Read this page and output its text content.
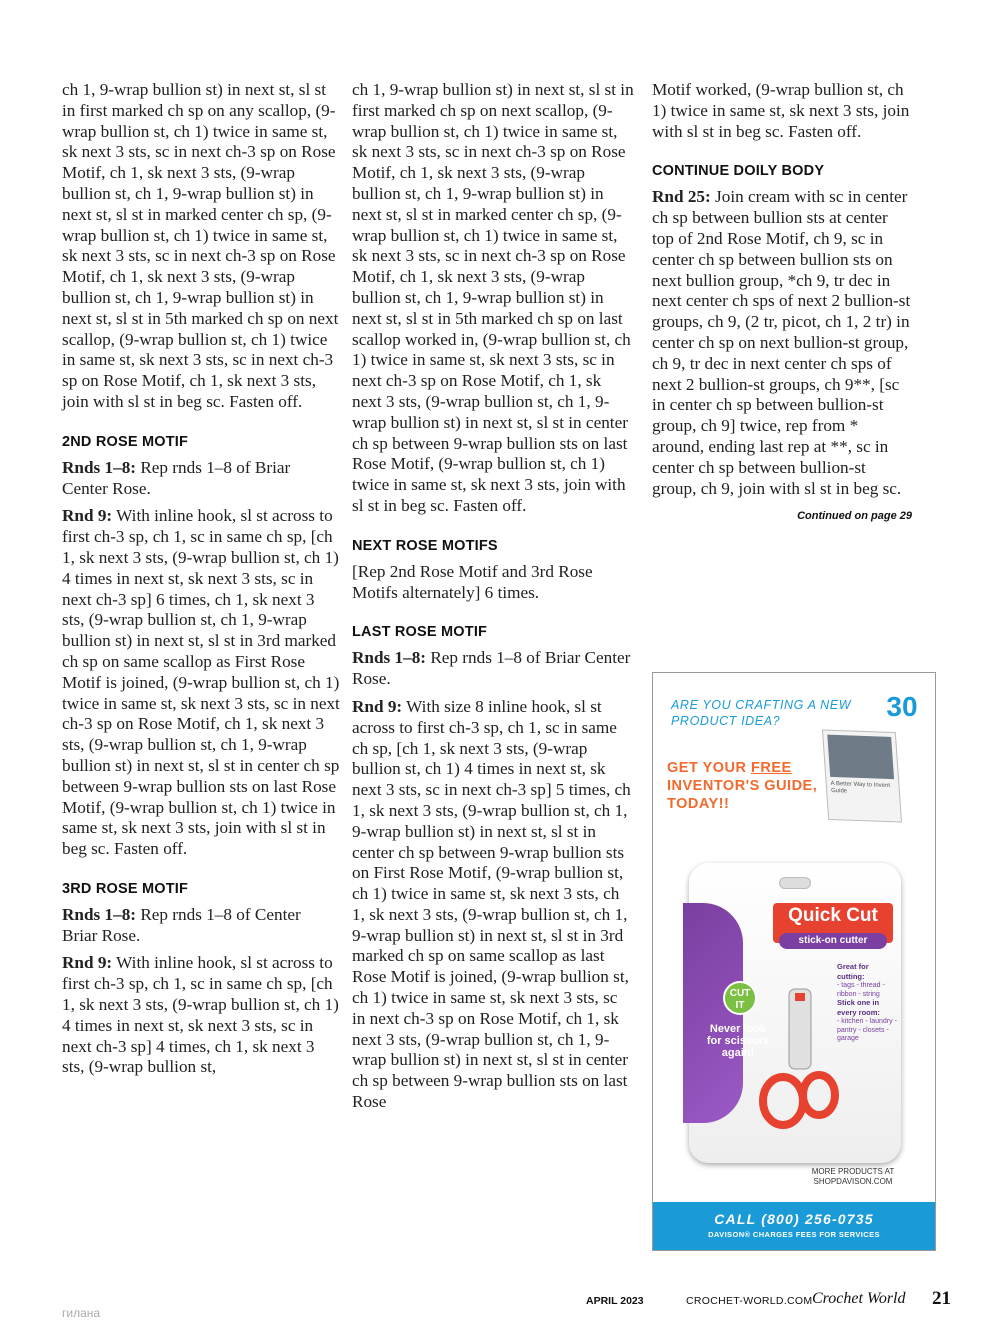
ch 1, 9-wrap bullion st) in next st, sl st in first marked ch sp on any scallop, (9-wrap bullion st, ch 1) twice in same st, sk next 3 sts, sc in next ch-3 sp on Rose Motif, ch 1, sk next 3 sts, (9-wrap bullion st, ch 1, 9-wrap bullion st) in next st, sl st in marked center ch sp, (9-wrap bullion st, ch 1) twice in same st, sk next 3 sts, sc in next ch-3 sp on Rose Motif, ch 1, sk next 3 sts, (9-wrap bullion st, ch 1, 9-wrap bullion st) in next st, sl st in 5th marked ch sp on next scallop, (9-wrap bullion st, ch 1) twice in same st, sk next 3 sts, sc in next ch-3 sp on Rose Motif, ch 1, sk next 3 sts, join with sl st in beg sc. Fasten off.

2ND ROSE MOTIF

Rnds 1–8: Rep rnds 1–8 of Briar Center Rose.

Rnd 9: With inline hook, sl st across to first ch-3 sp, ch 1, sc in same ch sp, [ch 1, sk next 3 sts, (9-wrap bullion st, ch 1) 4 times in next st, sk next 3 sts, sc in next ch-3 sp] 6 times, ch 1, sk next 3 sts, (9-wrap bullion st, ch 1, 9-wrap bullion st) in next st, sl st in 3rd marked ch sp on same scallop as First Rose Motif is joined, (9-wrap bullion st, ch 1) twice in same st, sk next 3 sts, sc in next ch-3 sp on Rose Motif, ch 1, sk next 3 sts, (9-wrap bullion st, ch 1, 9-wrap bullion st) in next st, sl st in center ch sp between 9-wrap bullion sts on last Rose Motif, (9-wrap bullion st, ch 1) twice in same st, sk next 3 sts, join with sl st in beg sc. Fasten off.

3RD ROSE MOTIF

Rnds 1–8: Rep rnds 1–8 of Center Briar Rose.

Rnd 9: With inline hook, sl st across to first ch-3 sp, ch 1, sc in same ch sp, [ch 1, sk next 3 sts, (9-wrap bullion st, ch 1) 4 times in next st, sk next 3 sts, sc in next ch-3 sp] 4 times, ch 1, sk next 3 sts, (9-wrap bullion st,

ch 1, 9-wrap bullion st) in next st, sl st in first marked ch sp on next scallop, (9-wrap bullion st, ch 1) twice in same st, sk next 3 sts, sc in next ch-3 sp on Rose Motif, ch 1, sk next 3 sts, (9-wrap bullion st, ch 1, 9-wrap bullion st) in next st, sl st in marked center ch sp, (9-wrap bullion st, ch 1) twice in same st, sk next 3 sts, sc in next ch-3 sp on Rose Motif, ch 1, sk next 3 sts, (9-wrap bullion st, ch 1, 9-wrap bullion st) in next st, sl st in 5th marked ch sp on last scallop worked in, (9-wrap bullion st, ch 1) twice in same st, sk next 3 sts, sc in next ch-3 sp on Rose Motif, ch 1, sk next 3 sts, (9-wrap bullion st, ch 1, 9-wrap bullion st) in next st, sl st in center ch sp between 9-wrap bullion sts on last Rose Motif, (9-wrap bullion st, ch 1) twice in same st, sk next 3 sts, join with sl st in beg sc. Fasten off.

NEXT ROSE MOTIFS

[Rep 2nd Rose Motif and 3rd Rose Motifs alternately] 6 times.

LAST ROSE MOTIF

Rnds 1–8: Rep rnds 1–8 of Briar Center Rose.

Rnd 9: With size 8 inline hook, sl st across to first ch-3 sp, ch 1, sc in same ch sp, [ch 1, sk next 3 sts, (9-wrap bullion st, ch 1) 4 times in next st, sk next 3 sts, sc in next ch-3 sp] 5 times, ch 1, sk next 3 sts, (9-wrap bullion st, ch 1, 9-wrap bullion st) in next st, sl st in center ch sp between 9-wrap bullion sts on First Rose Motif, (9-wrap bullion st, ch 1) twice in same st, sk next 3 sts, ch 1, sk next 3 sts, (9-wrap bullion st, ch 1, 9-wrap bullion st) in next st, sl st in 3rd marked ch sp on same scallop as last Rose Motif is joined, (9-wrap bullion st, ch 1) twice in same st, sk next 3 sts, sc in next ch-3 sp on Rose Motif, ch 1, sk next 3 sts, (9-wrap bullion st, ch 1, 9-wrap bullion st) in next st, sl st in center ch sp between 9-wrap bullion sts on last Rose

Motif worked, (9-wrap bullion st, ch 1) twice in same st, sk next 3 sts, join with sl st in beg sc. Fasten off.

CONTINUE DOILY BODY

Rnd 25: Join cream with sc in center ch sp between bullion sts at center top of 2nd Rose Motif, ch 9, sc in center ch sp between bullion sts on next bullion group, *ch 9, tr dec in next center ch sps of next 2 bullion-st groups, ch 9, (2 tr, picot, ch 1, 2 tr) in center ch sp on next bullion-st group, ch 9, tr dec in next center ch sps of next 2 bullion-st groups, ch 9**, [sc in center ch sp between bullion-st group, ch 9] twice, rep from * around, ending last rep at **, sc in center ch sp between bullion-st group, ch 9, join with sl st in beg sc.

Continued on page 29
ARE YOU CRAFTING A NEW PRODUCT IDEA?	30
A Better Way to Invent Guide
GET YOUR FREE INVENTOR'S GUIDE, TODAY!!
Quick Cut
stick-on cutter
CUT IT
Never look for scissors again!
Great for cutting:
- tags - thread - ribbon - string
Stick one in every room:
- kitchen - laundry - pantry - closets - garage
MORE PRODUCTS AT SHOPDAVISON.COM
CALL (800) 256-0735
DAVISON® CHARGES FEES FOR SERVICES
APRIL 2023	CROCHET-WORLD.COM Crochet World 21
гилана
